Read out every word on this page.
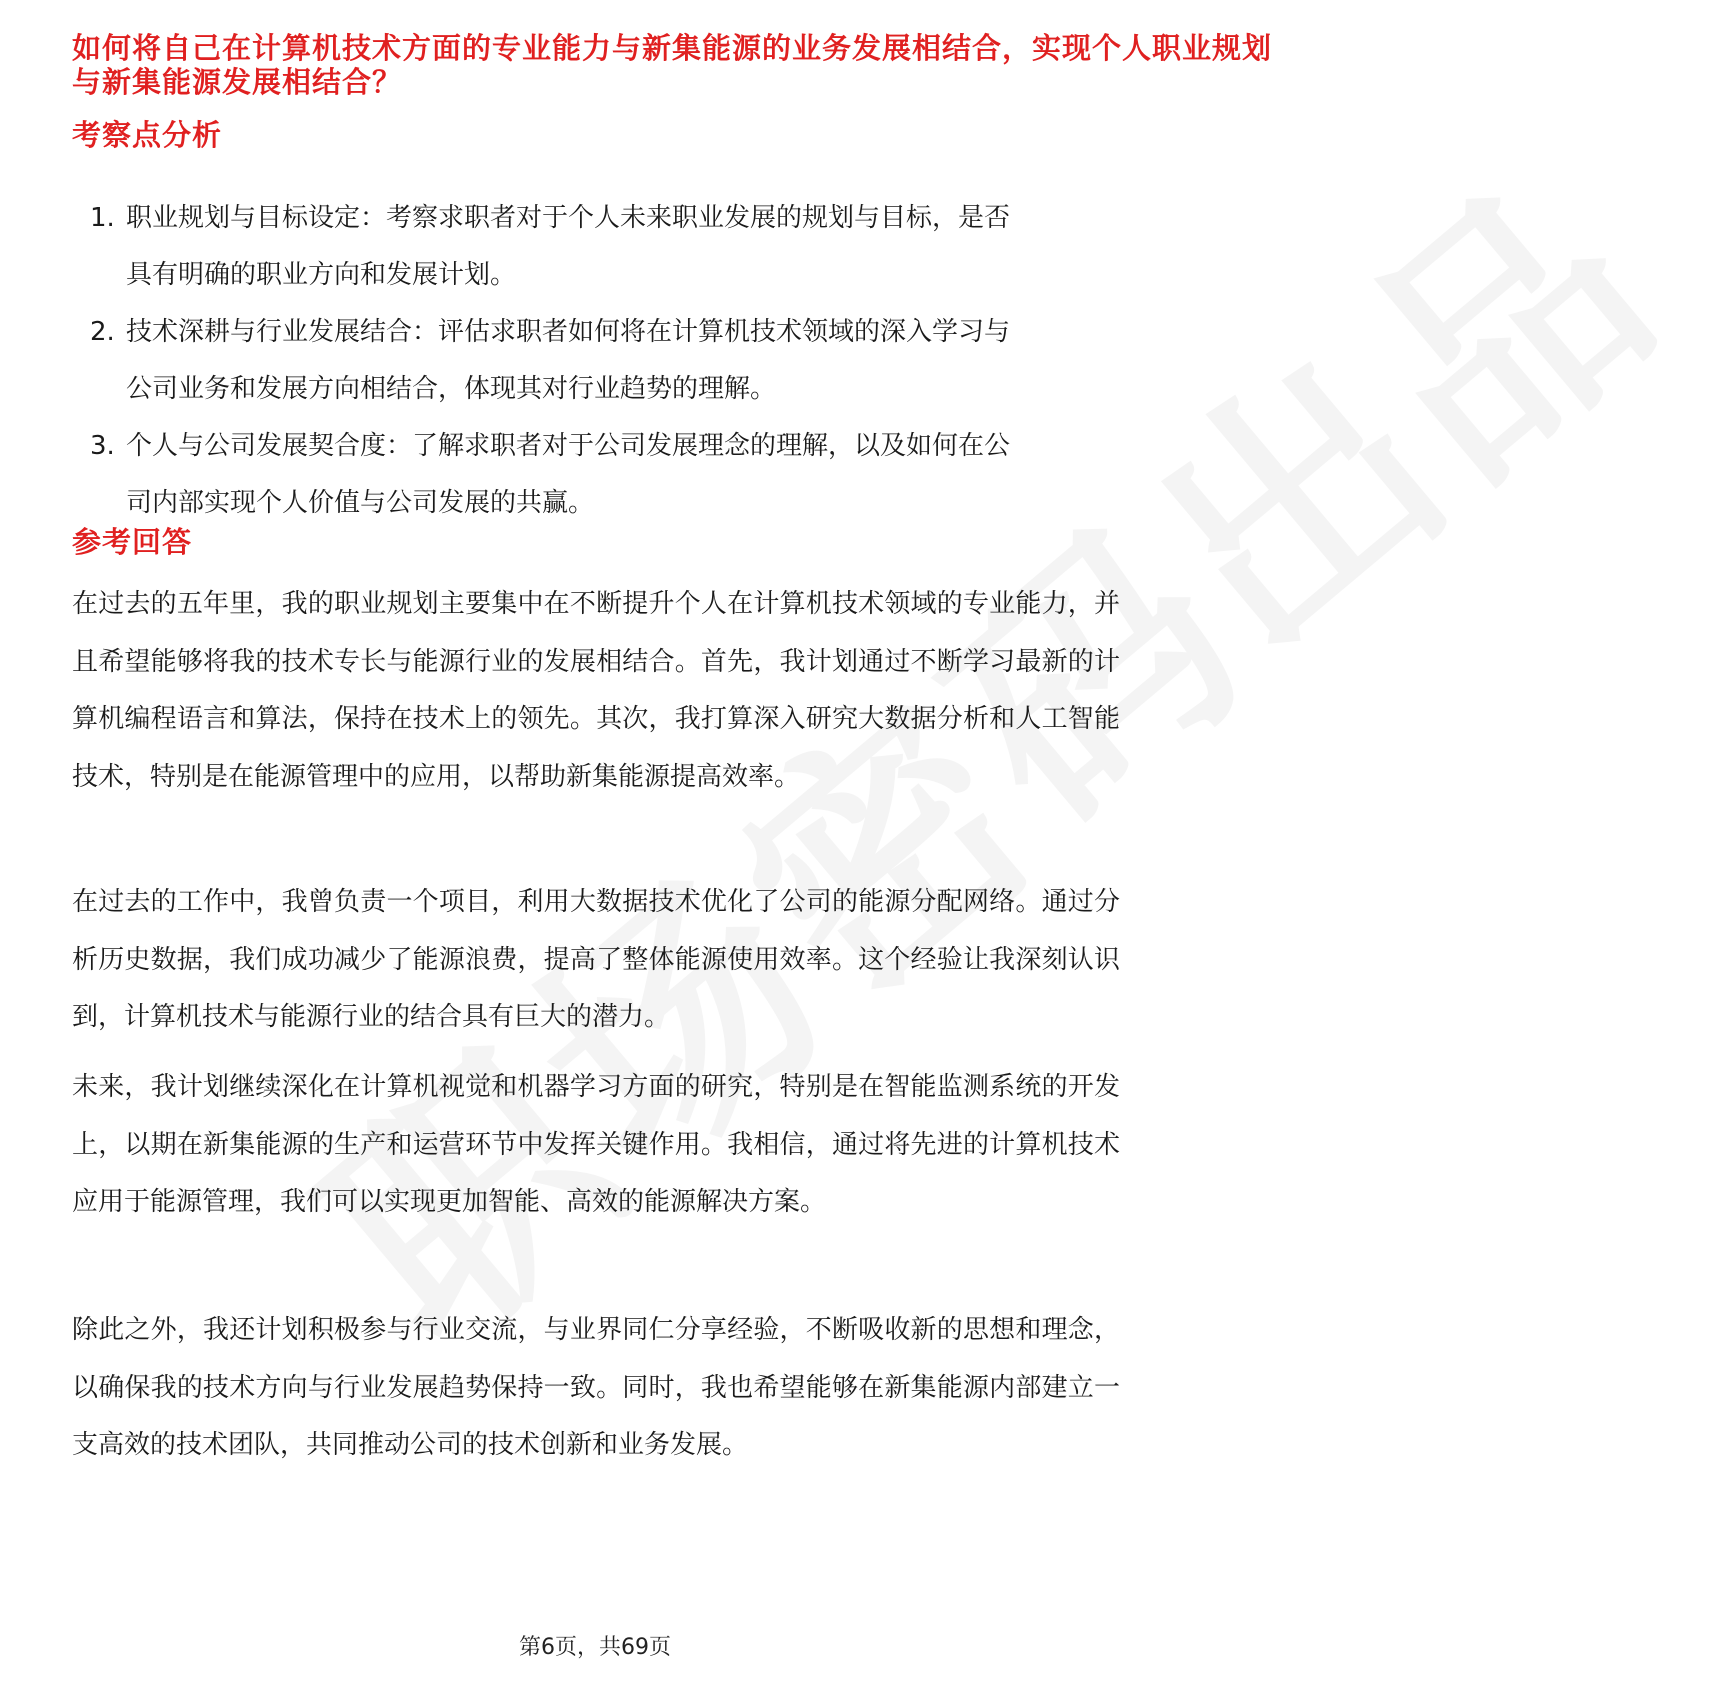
如何将自己在计算机技术方面的专业能力与新集能源的业务发展相结合，实现个人职业规划
与新集能源发展相结合？
考察点分析
1. 职业规划与目标设定：考察求职者对于个人未来职业发展的规划与目标，是否
具有明确的职业方向和发展计划。
2. 技术深耕与行业发展结合：评估求职者如何将在计算机技术领域的深入学习与
公司业务和发展方向相结合，体现其对行业趋势的理解。
3. 个人与公司发展契合度：了解求职者对于公司发展理念的理解，以及如何在公
司内部实现个人价值与公司发展的共赢。
参考回答

在过去的五年里，我的职业规划主要集中在不断提升个人在计算机技术领域的专业能力，并且希望能够将我的技术专长与能源行业的发展相结合。首先，我计划通过不断学习最新的计算机编程语言和算法，保持在技术上的领先。其次，我打算深入研究大数据分析和人工智能技术，特别是在能源管理中的应用，以帮助新集能源提高效率。

在过去的工作中，我曾负责一个项目，利用大数据技术优化了公司的能源分配网络。通过分析历史数据，我们成功减少了能源浪费，提高了整体能源使用效率。这个经验让我深刻认识到，计算机技术与能源行业的结合具有巨大的潜力。

未来，我计划继续深化在计算机视觉和机器学习方面的研究，特别是在智能监测系统的开发上，以期在新集能源的生产和运营环节中发挥关键作用。我相信，通过将先进的计算机技术应用于能源管理，我们可以实现更加智能、高效的能源解决方案。

除此之外，我还计划积极参与行业交流，与业界同仁分享经验，不断吸收新的思想和理念，以确保我的技术方向与行业发展趋势保持一致。同时，我也希望能够在新集能源内部建立一支高效的技术团队，共同推动公司的技术创新和业务发展。

第6页，共69页
